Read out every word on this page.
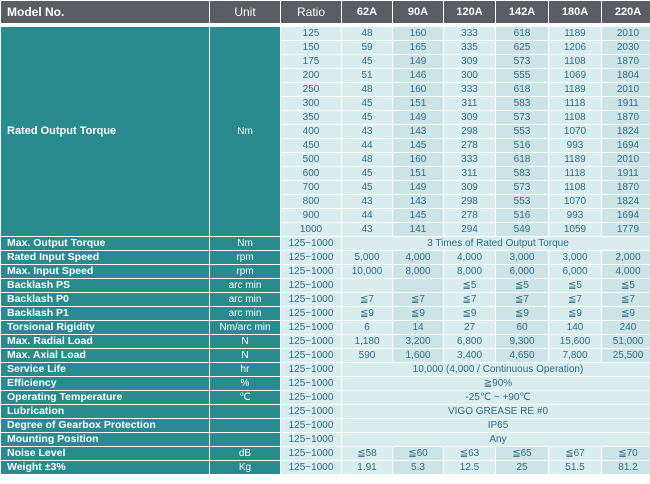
Model No.	Unit	Ratio	62A	90A	120A	142A	180A	220A
Rated Output Torque	Nm	125	48	160	333	618	1189	2010
		150	59	165	335	625	1206	2030
		175	45	149	309	573	1108	1870
		200	51	146	300	555	1069	1804
		250	48	160	333	618	1189	2010
		300	45	151	311	583	1118	1911
		350	45	149	309	573	1108	1870
		400	43	143	298	553	1070	1824
		450	44	145	278	516	993	1694
		500	48	160	333	618	1189	2010
		600	45	151	311	583	1118	1911
		700	45	149	309	573	1108	1870
		800	43	143	298	553	1070	1824
		900	44	145	278	516	993	1694
		1000	43	141	294	549	1059	1779
Max. Output Torque	Nm	125~1000	3 Times of Rated Output Torque					
Rated Input Speed	rpm	125~1000	5,000	4,000	4,000	3,000	3,000	2,000
Max. Input Speed	rpm	125~1000	10,000	8,000	8,000	6,000	6,000	4,000
Backlash PS	arc min	125~1000			≦5	≦5	≦5	≦5
Backlash P0	arc min	125~1000	≦7	≦7	≦7	≦7	≦7	≦7
Backlash P1	arc min	125~1000	≦9	≦9	≦9	≦9	≦9	≦9
Torsional Rigidity	Nm/arc min	125~1000	6	14	27	60	140	240
Max. Radial Load	N	125~1000	1,180	3,200	6,800	9,300	15,600	51,000
Max. Axial Load	N	125~1000	590	1,600	3,400	4,650	7,800	25,500
Service Life	hr	125~1000	10,000 (4,000 / Continuous Operation)					
Efficiency	%	125~1000	≧90%					
Operating Temperature	℃	125~1000	-25℃ ~ +90℃					
Lubrication		125~1000	VIGO GREASE RE #0					
Degree of Gearbox Protection		125~1000	IP65					
Mounting Position		125~1000	Any					
Noise Level	dB	125~1000	≦58	≦60	≦63	≦65	≦67	≦70
Weight ±3%	Kg	125~1000	1.91	5.3	12.5	25	51.5	81.2
